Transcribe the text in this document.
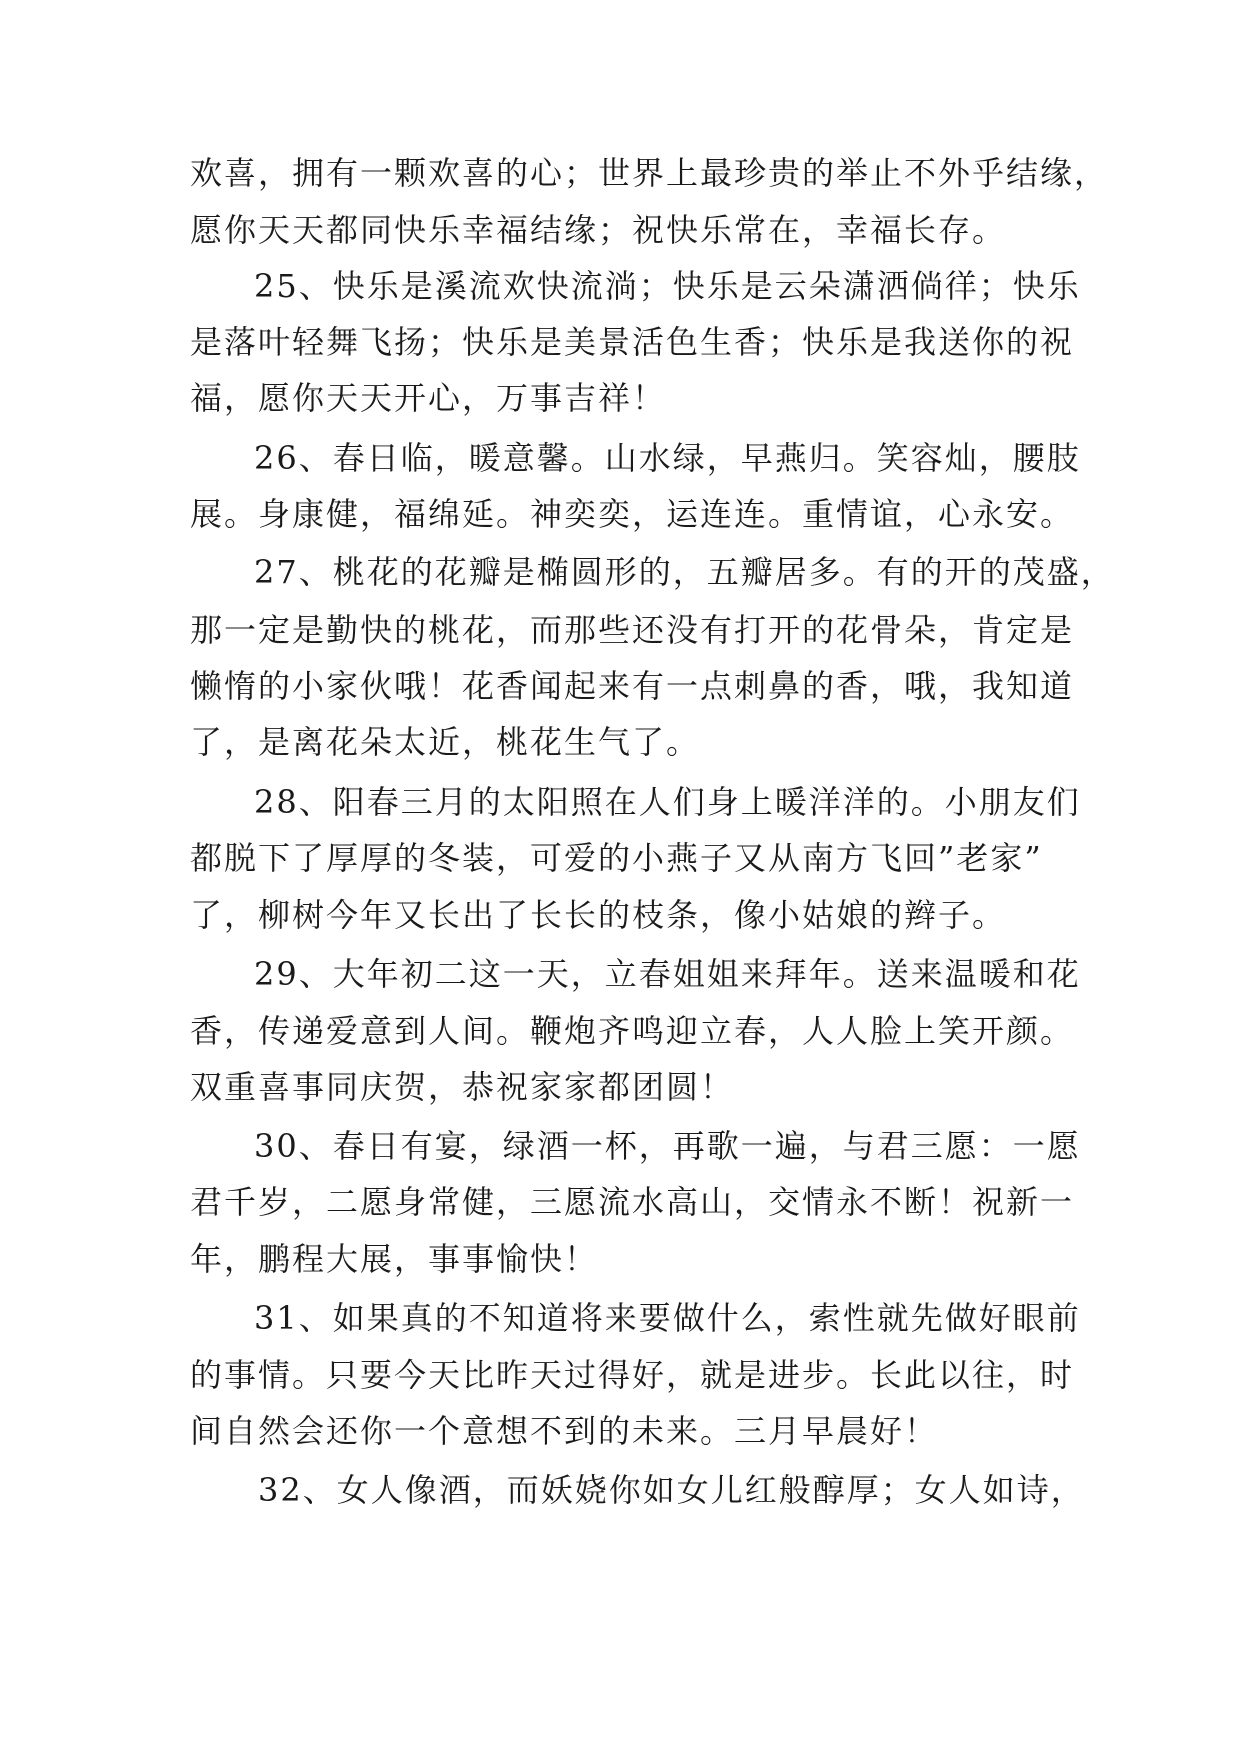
欢喜，拥有一颗欢喜的心；世界上最珍贵的举止不外乎结缘，
愿你天天都同快乐幸福结缘；祝快乐常在，幸福长存。
25、快乐是溪流欢快流淌；快乐是云朵潇洒倘徉；快乐
是落叶轻舞飞扬；快乐是美景活色生香；快乐是我送你的祝
福，愿你天天开心，万事吉祥！
26、春日临，暖意馨。山水绿，早燕归。笑容灿，腰肢
展。身康健，福绵延。神奕奕，运连连。重情谊，心永安。
27、桃花的花瓣是椭圆形的，五瓣居多。有的开的茂盛，
那一定是勤快的桃花，而那些还没有打开的花骨朵，肯定是
懒惰的小家伙哦！花香闻起来有一点刺鼻的香，哦，我知道
了，是离花朵太近，桃花生气了。
28、阳春三月的太阳照在人们身上暖洋洋的。小朋友们
都脱下了厚厚的冬装，可爱的小燕子又从南方飞回”老家”
了，柳树今年又长出了长长的枝条，像小姑娘的辫子。
29、大年初二这一天，立春姐姐来拜年。送来温暖和花
香，传递爱意到人间。鞭炮齐鸣迎立春，人人脸上笑开颜。
双重喜事同庆贺，恭祝家家都团圆！
30、春日有宴，绿酒一杯，再歌一遍，与君三愿：一愿
君千岁，二愿身常健，三愿流水高山，交情永不断！祝新一
年，鹏程大展，事事愉快！
31、如果真的不知道将来要做什么，索性就先做好眼前
的事情。只要今天比昨天过得好，就是进步。长此以往，时
间自然会还你一个意想不到的未来。三月早晨好！
32、女人像酒，而妖娆你如女儿红般醇厚；女人如诗，
